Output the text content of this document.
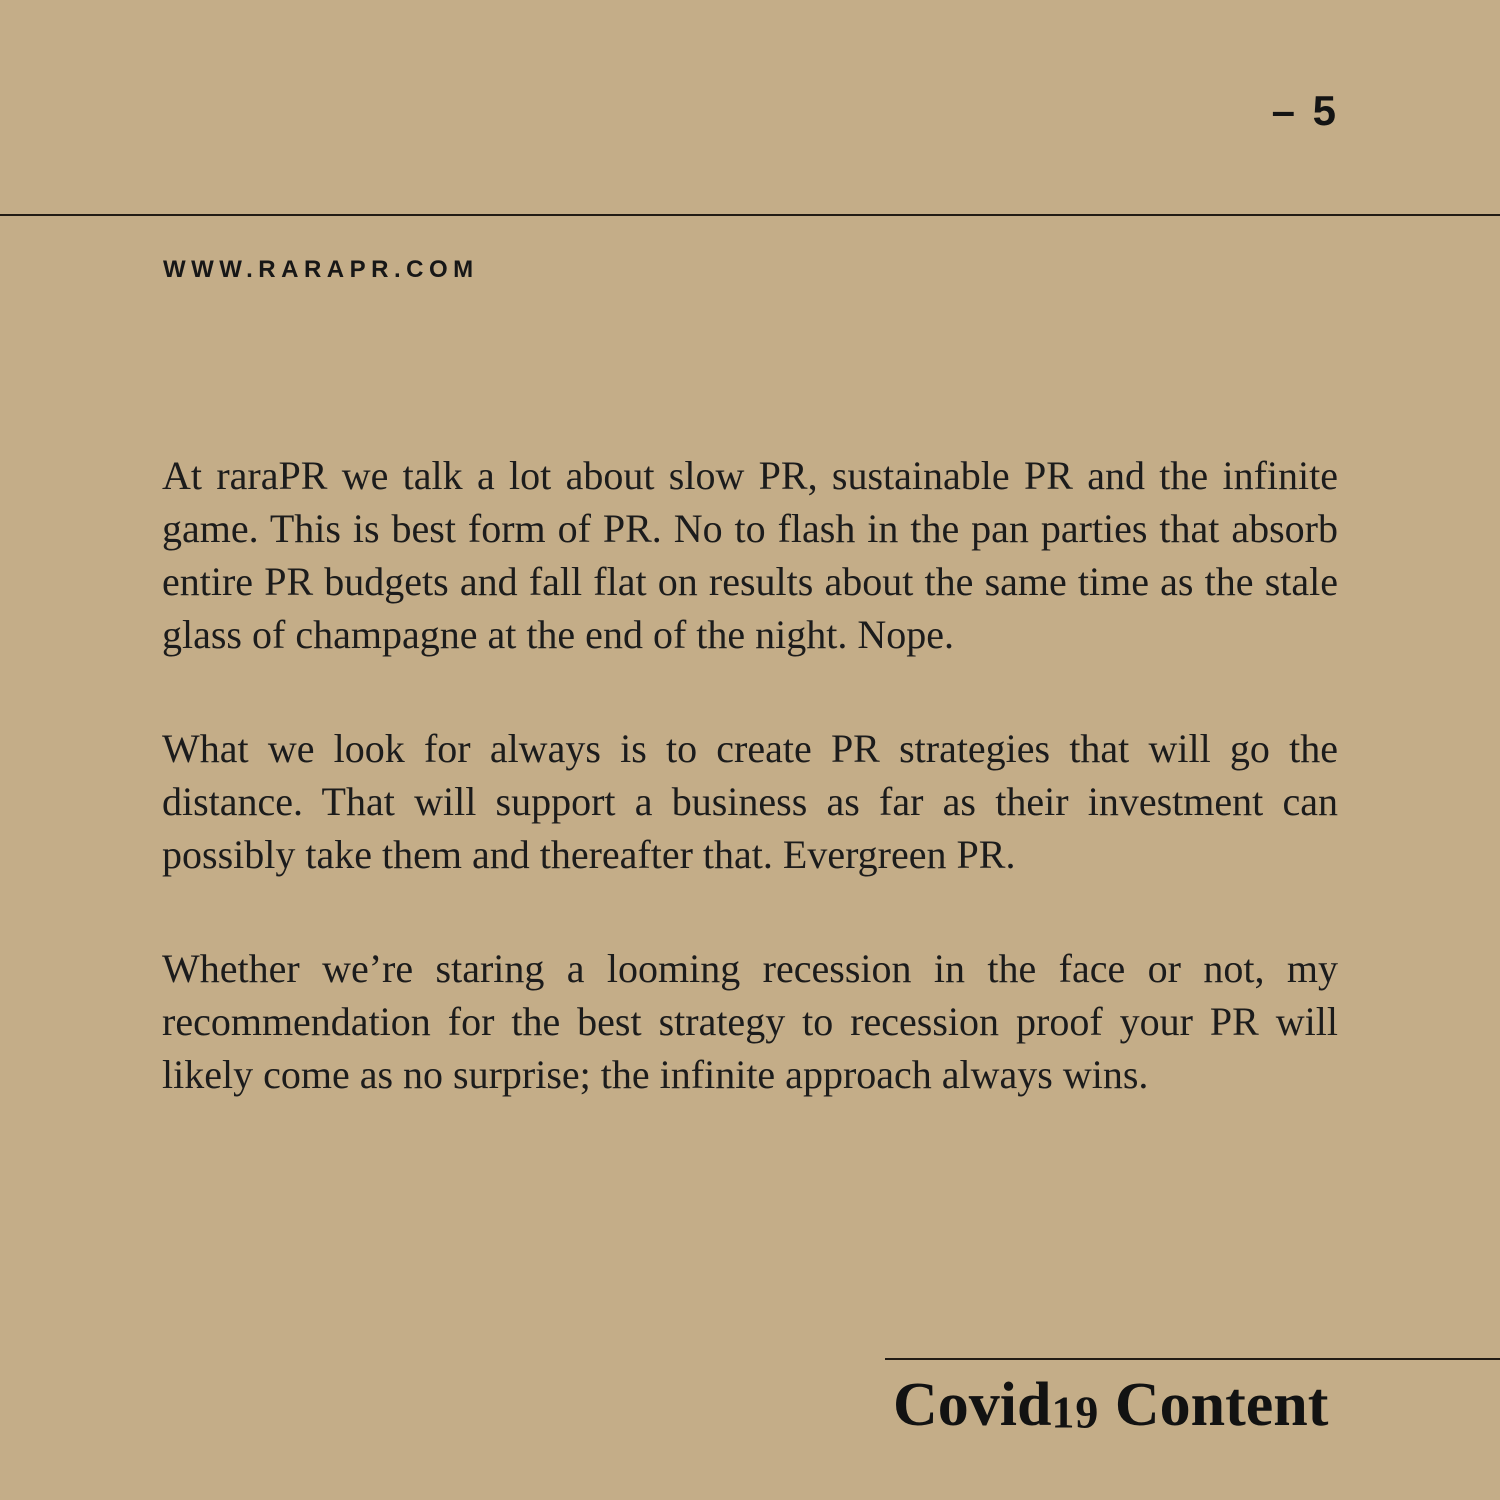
– 5
WWW.RARAPR.COM

At raraPR we talk a lot about slow PR, sustainable PR and the infinite game. This is best form of PR. No to flash in the pan parties that absorb entire PR budgets and fall flat on results about the same time as the stale glass of champagne at the end of the night. Nope.

What we look for always is to create PR strategies that will go the distance. That will support a business as far as their investment can possibly take them and thereafter that. Evergreen PR.

Whether we’re staring a looming recession in the face or not, my recommendation for the best strategy to recession proof your PR will likely come as no surprise; the infinite approach always wins.

Covid19 Content
